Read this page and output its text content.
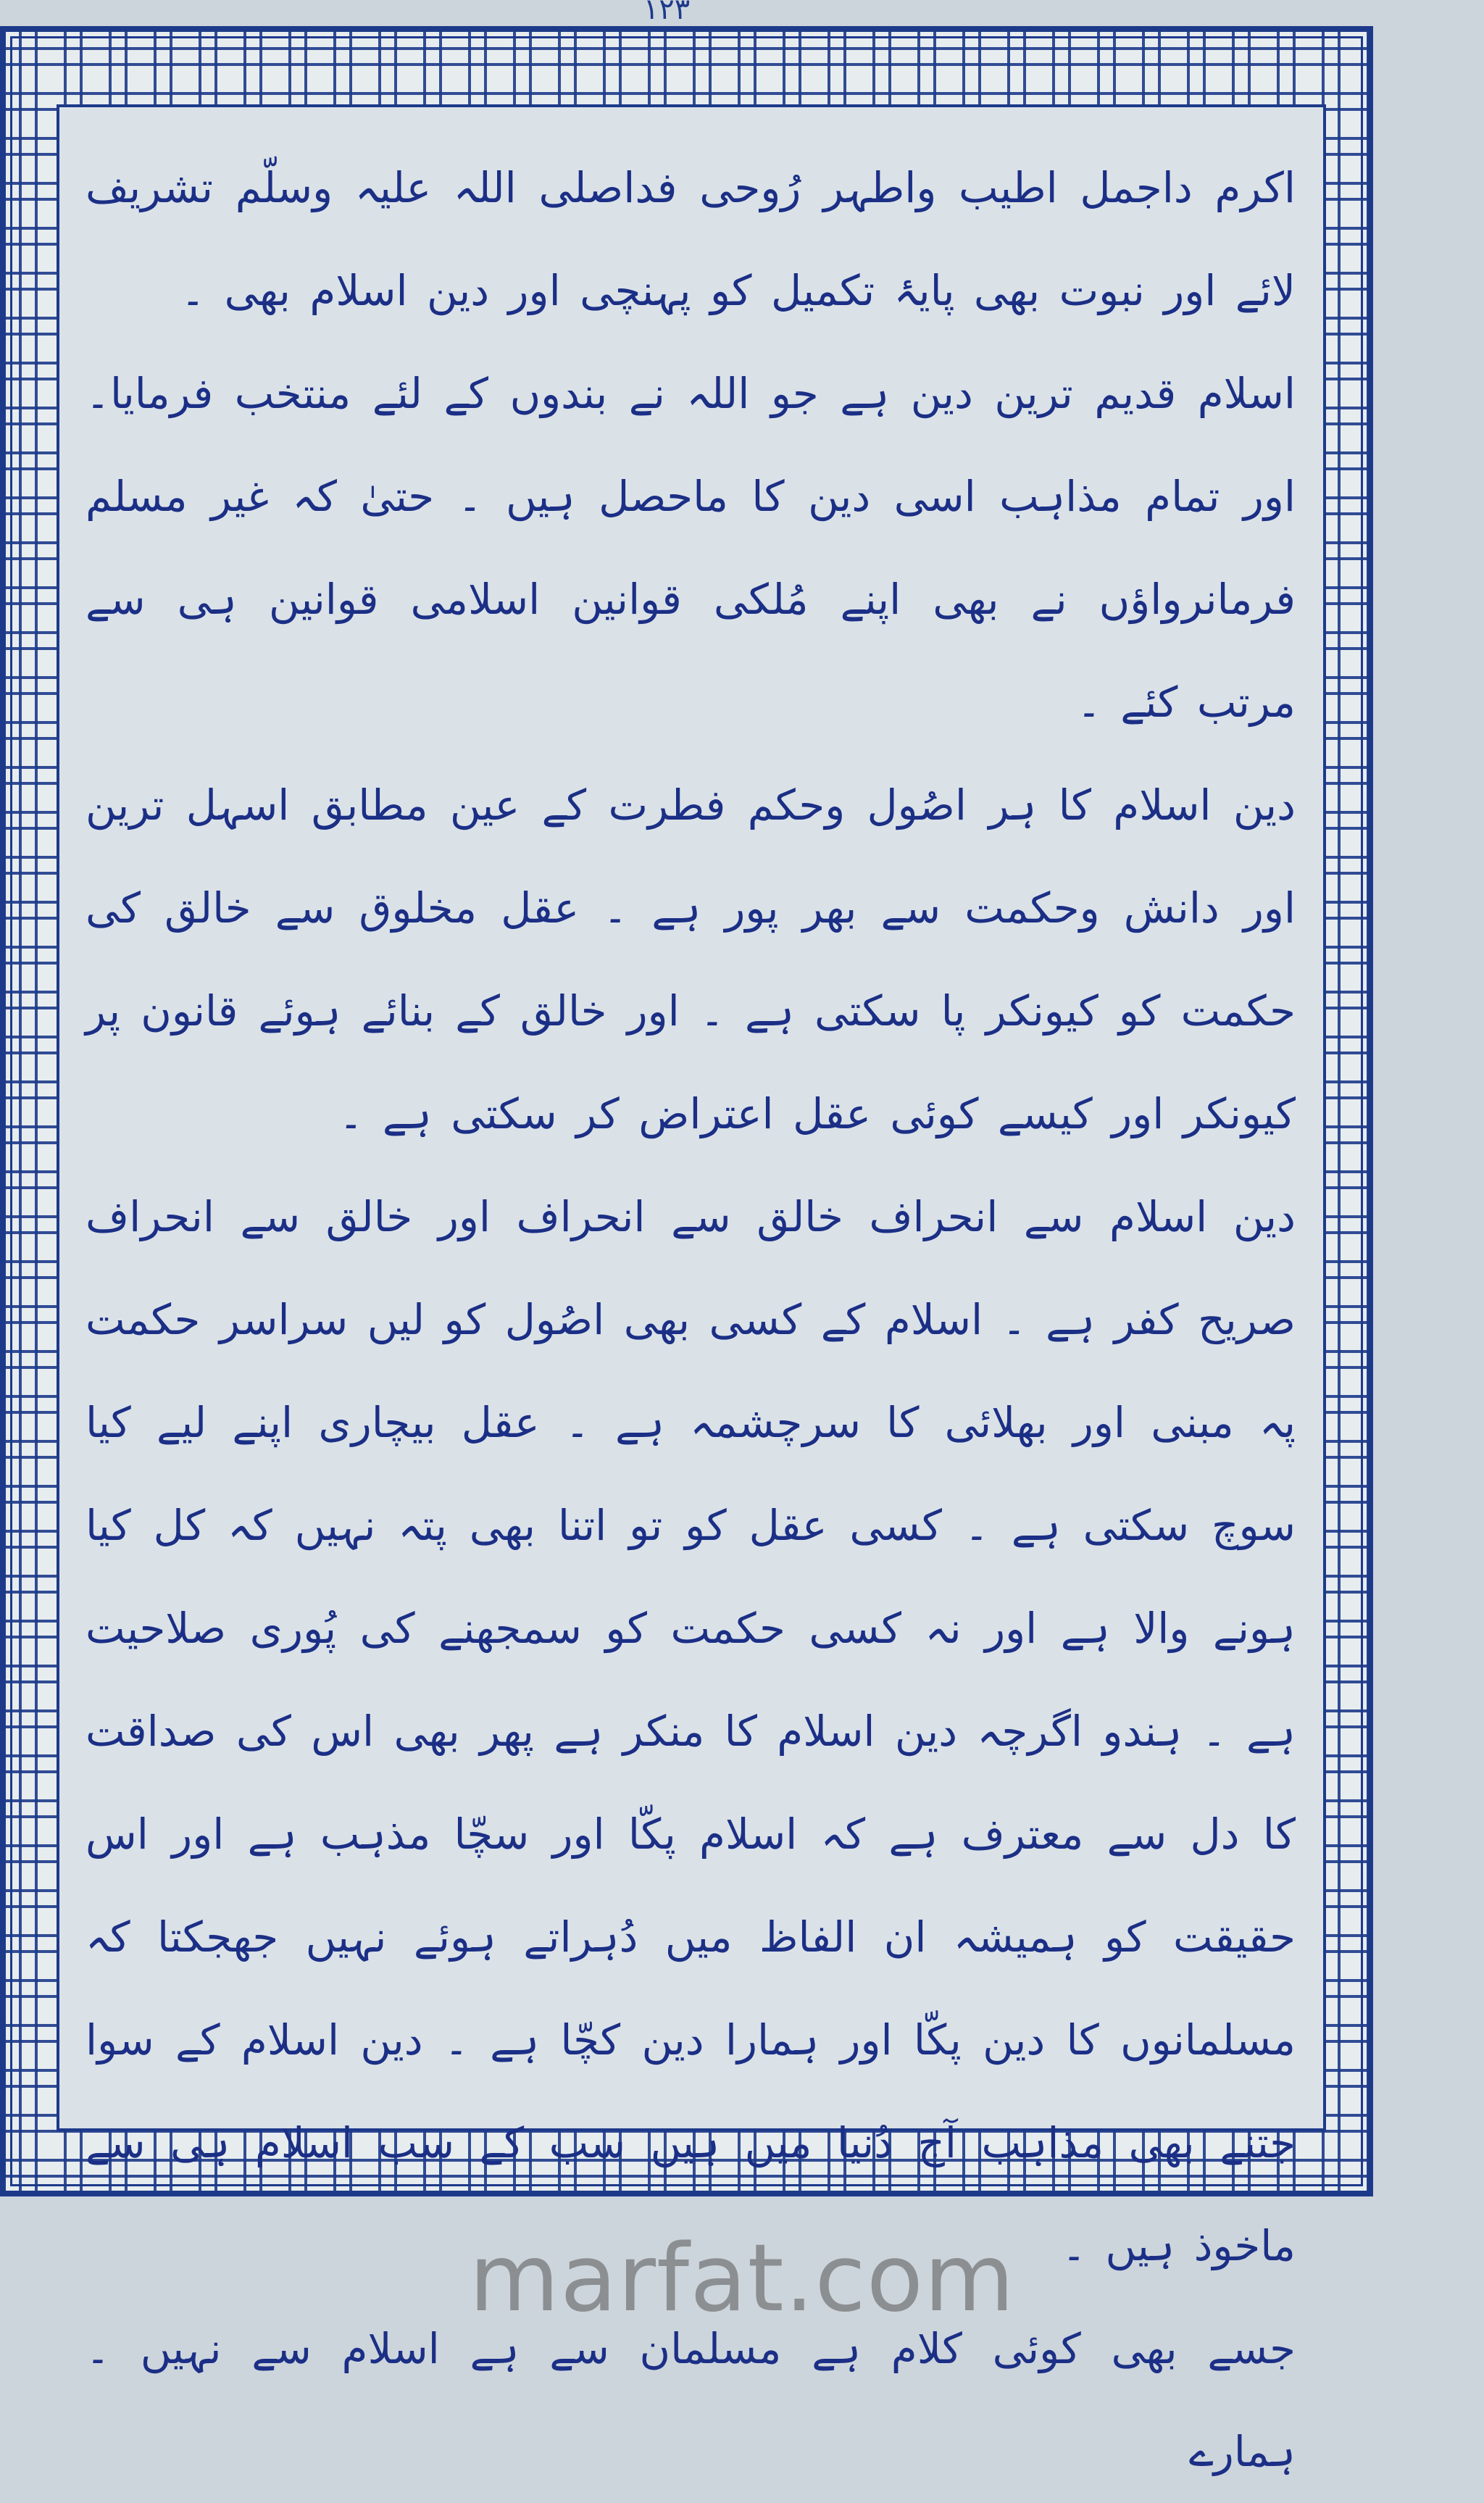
۱۲۳

اکرم داجمل اطیب واطہر رُوحی فداصلی اللہ علیہ وسلّم تشریف لائے اور نبوت بھی پایۂ تکمیل کو پہنچی اور دین اسلام بھی ۔

اسلام قدیم ترین دین ہے جو اللہ نے بندوں کے لئے منتخب فرمایا۔ اور تمام مذاہب اسی دین کا ماحصل ہیں ۔ حتیٰ کہ غیر مسلم فرمانرواؤں نے بھی اپنے مُلکی قوانین اسلامی قوانین ہی سے مرتب کئے ۔

دین اسلام کا ہر اصُول وحکم فطرت کے عین مطابق اسہل ترین اور دانش وحکمت سے بھر پور ہے ۔ عقل مخلوق سے خالق کی حکمت کو کیونکر پا سکتی ہے ۔ اور خالق کے بنائے ہوئے قانون پر کیونکر اور کیسے کوئی عقل اعتراض کر سکتی ہے ۔

دین اسلام سے انحراف خالق سے انحراف اور خالق سے انحراف صریح کفر ہے ۔ اسلام کے کسی بھی اصُول کو لیں سراسر حکمت پہ مبنی اور بھلائی کا سرچشمہ ہے ۔ عقل بیچاری اپنے لیے کیا سوچ سکتی ہے ۔ کسی عقل کو تو اتنا بھی پتہ نہیں کہ کل کیا ہونے والا ہے اور نہ کسی حکمت کو سمجھنے کی پُوری صلاحیت ہے ۔ ہندو اگرچہ دین اسلام کا منکر ہے پھر بھی اس کی صداقت کا دل سے معترف ہے کہ اسلام پکّا اور سچّا مذہب ہے اور اس حقیقت کو ہمیشہ ان الفاظ میں دُہراتے ہوئے نہیں جھجکتا کہ مسلمانوں کا دین پکّا اور ہمارا دین کچّا ہے ۔ دین اسلام کے سوا جتنے بھی مذاہب آج دُنیا میں ہیں سب کے سب اسلام ہی سے ماخوذ ہیں ۔

جسے بھی کوئی کلام ہے مسلمان سے ہے اسلام سے نہیں ۔ ہمارے

marfat.com
